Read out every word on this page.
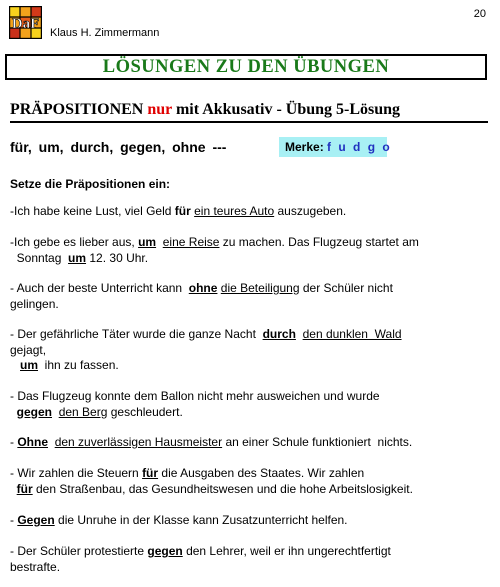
DaF
Klaus H. Zimmermann
20
LÖSUNGEN ZU DEN ÜBUNGEN
PRÄPOSITIONEN nur mit Akkusativ - Übung 5-Lösung
für, um, durch, gegen, ohne ---	Merke: f u d g o
Setze die Präpositionen ein:
-Ich habe keine Lust, viel Geld für ein teures Auto auszugeben.
-Ich gebe es lieber aus, um eine Reise zu machen. Das Flugzeug startet am
Sonntag  um 12. 30 Uhr.
- Auch der beste Unterricht kann  ohne die Beteiligung der Schüler nicht
gelingen.
- Der gefährliche Täter wurde die ganze Nacht  durch den dunklen  Wald
gejagt,
um  ihn zu fassen.
- Das Flugzeug konnte dem Ballon nicht mehr ausweichen und wurde
gegen den Berg geschleudert.
- Ohne den zuverlässigen Hausmeister an einer Schule funktioniert  nichts.
- Wir zahlen die Steuern für die Ausgaben des Staates. Wir zahlen
für den Straßenbau, das Gesundheitswesen und die hohe Arbeitslosigkeit.
- Gegen die Unruhe in der Klasse kann Zusatzunterricht helfen.
- Der Schüler protestierte gegen den Lehrer, weil er ihn ungerechtfertigt
bestrafte.
